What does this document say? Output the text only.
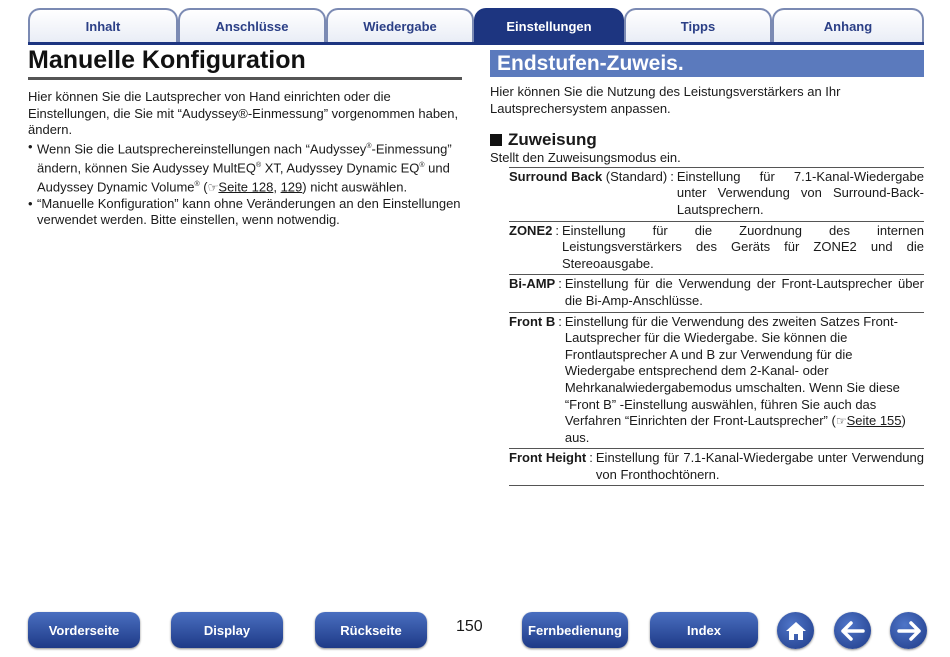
Inhalt	Anschlüsse	Wiedergabe	Einstellungen	Tipps	Anhang
Manuelle Konfiguration

Hier können Sie die Lautsprecher von Hand einrichten oder die Einstellungen, die Sie mit “Audyssey®-Einmessung” vorgenommen haben, ändern.

• Wenn Sie die Lautsprechereinstellungen nach “Audyssey®-Einmessung” ändern, können Sie Audyssey MultEQ® XT, Audyssey Dynamic EQ® und Audyssey Dynamic Volume® (☞Seite 128, 129) nicht auswählen.
• “Manuelle Konfiguration” kann ohne Veränderungen an den Einstellungen verwendet werden. Bitte einstellen, wenn notwendig.
Endstufen-Zuweis.

Hier können Sie die Nutzung des Leistungsverstärkers an Ihr Lautsprechersystem anpassen.

Zuweisung

Stellt den Zuweisungsmodus ein.

Surround Back (Standard) : Einstellung für 7.1-Kanal-Wiedergabe unter Verwendung von Surround-Back-Lautsprechern.
ZONE2 : Einstellung für die Zuordnung des internen Leistungsverstärkers des Geräts für ZONE2 und die Stereoausgabe.
Bi-AMP : Einstellung für die Verwendung der Front-Lautsprecher über die Bi-Amp-Anschlüsse.
Front B : Einstellung für die Verwendung des zweiten Satzes Front-Lautsprecher für die Wiedergabe. Sie können die Frontlautsprecher A und B zur Verwendung für die Wiedergabe entsprechend dem 2-Kanal- oder Mehrkanalwiedergabemodus umschalten. Wenn Sie diese “Front B” -Einstellung auswählen, führen Sie auch das Verfahren “Einrichten der Front-Lautsprecher” (☞Seite 155) aus.
Front Height : Einstellung für 7.1-Kanal-Wiedergabe unter Verwendung von Fronthochtönern.
Vorderseite	Display	Rückseite	150	Fernbedienung	Index
